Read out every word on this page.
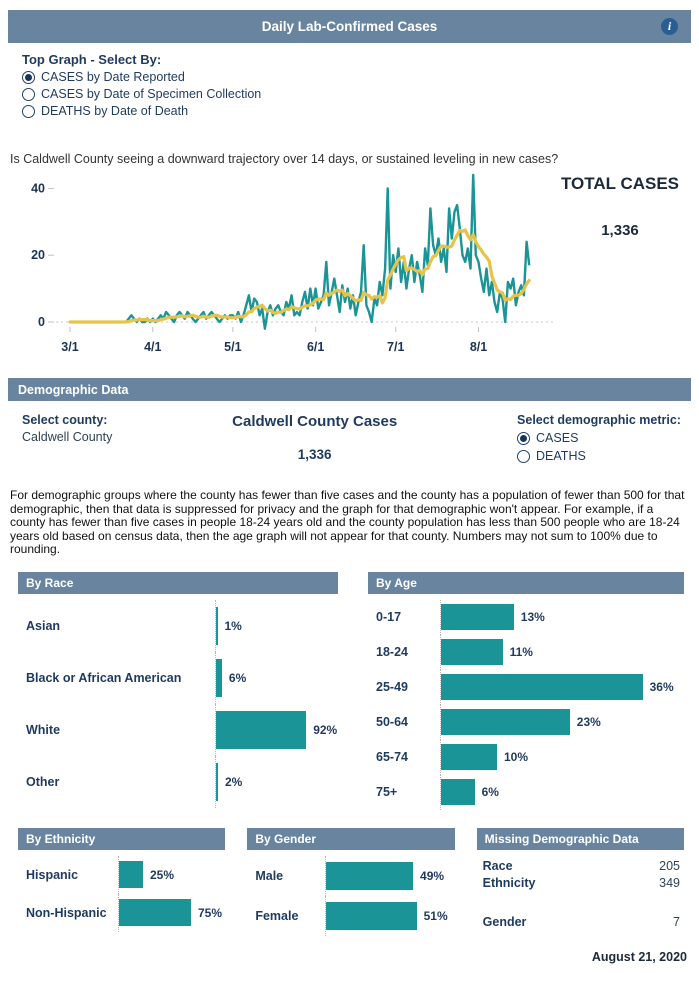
Daily Lab-Confirmed Cases	i
Top Graph - Select By:
CASES by Date Reported
CASES by Date of Specimen Collection
DEATHS by Date of Death
Is Caldwell County seeing a downward trajectory over 14 days, or sustained leveling in new cases?
0
20
40
3/1	4/1	5/1	6/1	7/1	8/1
TOTAL CASES
1,336
Demographic Data
Select county:
Caldwell County
Caldwell County Cases
1,336
Select demographic metric:
CASES
DEATHS
For demographic groups where the county has fewer than five cases and the county has a population of fewer than 500 for that demographic, then that data is suppressed for privacy and the graph for that demographic won't appear. For example, if a county has fewer than five cases in people 18-24 years old and the county population has less than 500 people who are 18-24 years old based on census data, then the age graph will not appear for that county. Numbers may not sum to 100% due to rounding.
By Race
Asian	1%
Black or African American	6%
White	92%
Other	2%
By Age
0-17	13%
18-24	11%
25-49	36%
50-64	23%
65-74	10%
75+	6%
By Ethnicity
Hispanic	25%
Non-Hispanic	75%
By Gender
Male	49%
Female	51%
Missing Demographic Data
Race	205
Ethnicity	349
Gender	7
August 21, 2020
